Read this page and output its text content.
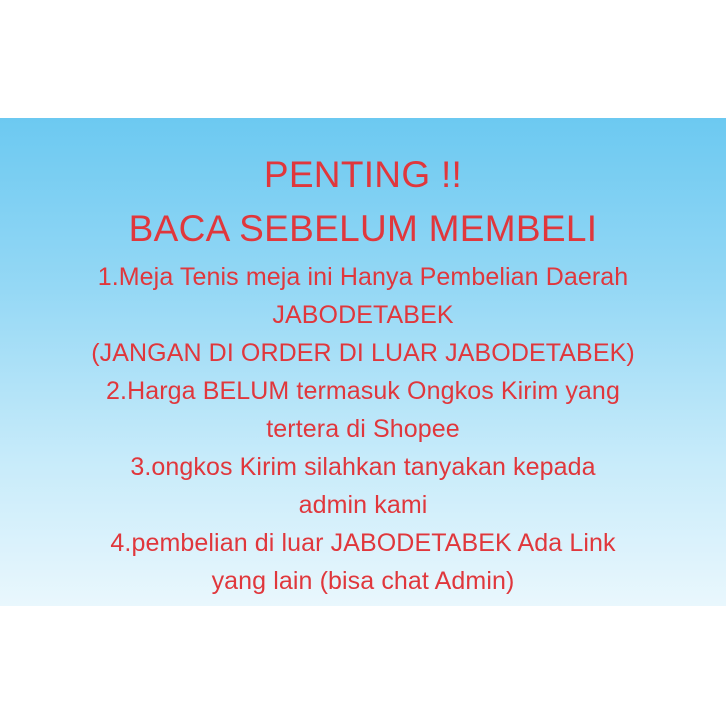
PENTING !!
BACA SEBELUM MEMBELI
1.Meja Tenis meja ini Hanya Pembelian Daerah
JABODETABEK
(JANGAN DI ORDER DI LUAR JABODETABEK)
2.Harga BELUM termasuk Ongkos Kirim yang
tertera di Shopee
3.ongkos Kirim silahkan tanyakan kepada
admin kami
4.pembelian di luar JABODETABEK Ada Link
yang lain (bisa chat Admin)
